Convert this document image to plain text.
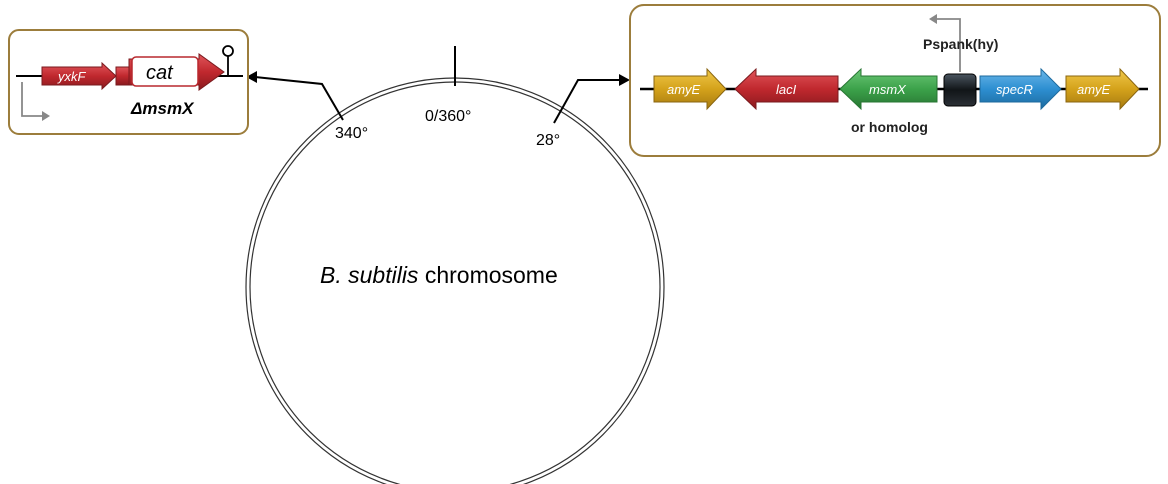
0/360°
340°	28°
B. subtilis chromosome
yxkF	cat
ΔmsmX
amyE	lacI	msmX
or homolog
Pspank(hy)
specR	amyE
